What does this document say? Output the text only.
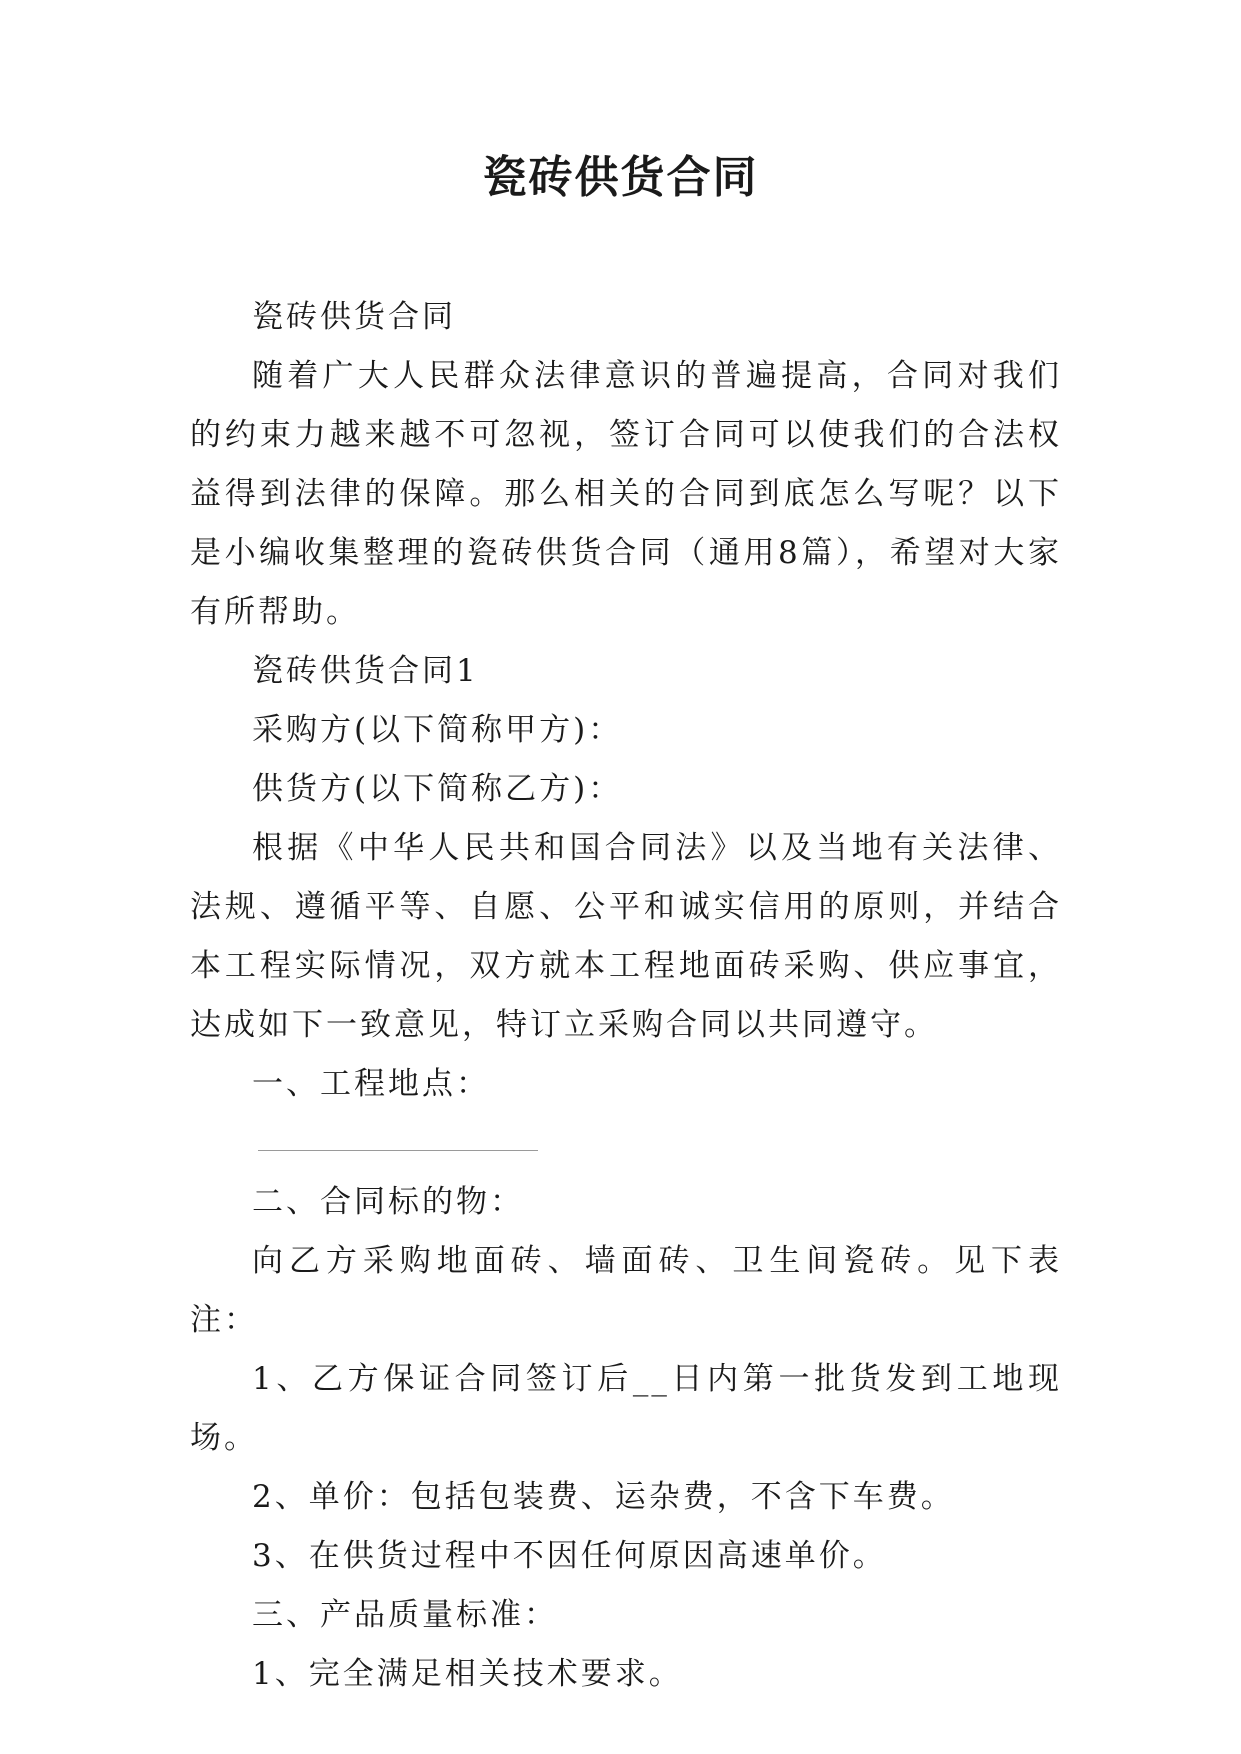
瓷砖供货合同

瓷砖供货合同

随着广大人民群众法律意识的普遍提高，合同对我们的约束力越来越不可忽视，签订合同可以使我们的合法权益得到法律的保障。那么相关的合同到底怎么写呢？以下是小编收集整理的瓷砖供货合同（通用8篇），希望对大家有所帮助。

瓷砖供货合同1

采购方(以下简称甲方)：

供货方(以下简称乙方)：

根据《中华人民共和国合同法》以及当地有关法律、法规、遵循平等、自愿、公平和诚实信用的原则，并结合本工程实际情况，双方就本工程地面砖采购、供应事宜，达成如下一致意见，特订立采购合同以共同遵守。

一、工程地点：

二、合同标的物：

向乙方采购地面砖、墙面砖、卫生间瓷砖。见下表注：

1、乙方保证合同签订后__日内第一批货发到工地现场。

2、单价：包括包装费、运杂费，不含下车费。

3、在供货过程中不因任何原因高速单价。

三、产品质量标准：

1、完全满足相关技术要求。
